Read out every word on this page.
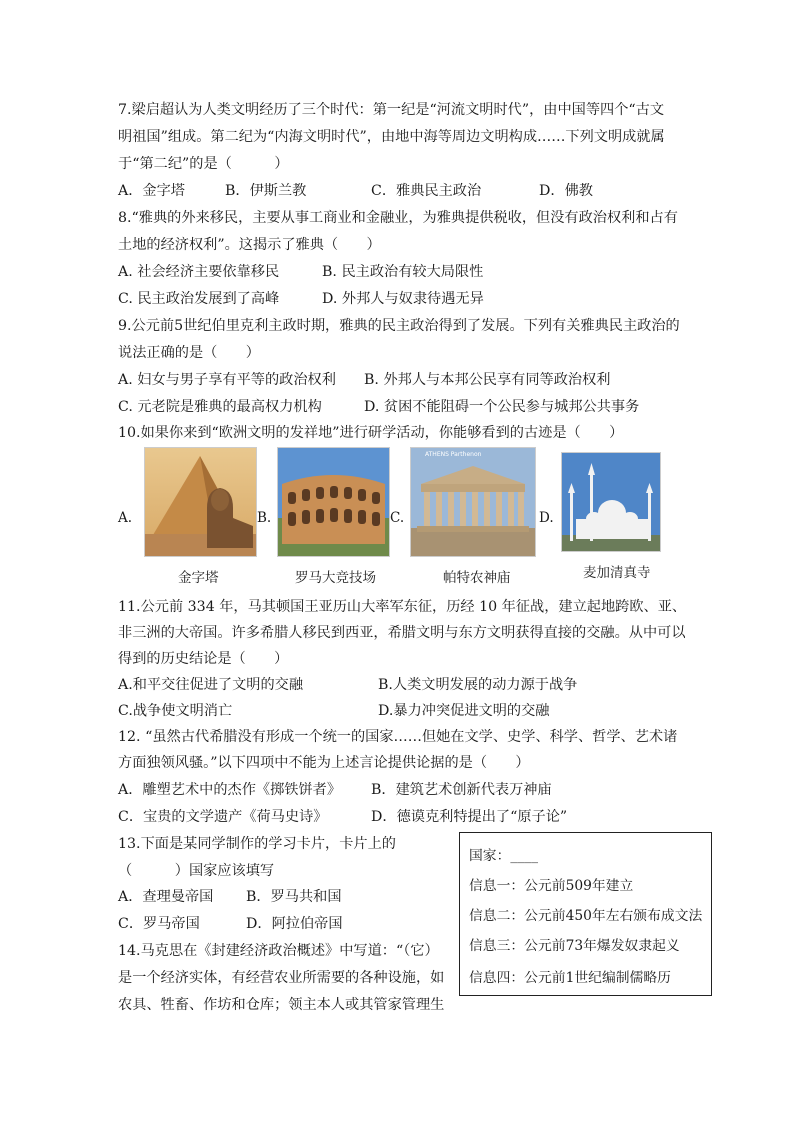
7.梁启超认为人类文明经历了三个时代：第一纪是“河流文明时代”，由中国等四个“古文
明祖国”组成。第二纪为“内海文明时代”，由地中海等周边文明构成……下列文明成就属
于“第二纪”的是（　　　）
A．金字塔	B．伊斯兰教	C．雅典民主政治	D．佛教
8.“雅典的外来移民，主要从事工商业和金融业，为雅典提供税收，但没有政治权利和占有
土地的经济权利”。这揭示了雅典（　　）
A. 社会经济主要依靠移民	B. 民主政治有较大局限性
C. 民主政治发展到了高峰	D. 外邦人与奴隶待遇无异
9.公元前5世纪伯里克利主政时期，雅典的民主政治得到了发展。下列有关雅典民主政治的
说法正确的是（　　）
A. 妇女与男子享有平等的政治权利 B. 外邦人与本邦公民享有同等政治权利
C. 元老院是雅典的最高权力机构	D. 贫困不能阻碍一个公民参与城邦公共事务
10.如果你来到“欧洲文明的发祥地”进行研学活动，你能够看到的古迹是（　　）
A.
金字塔
B.
罗马大竞技场
C.
ATHENS Parthenon
帕特农神庙
D.
麦加清真寺
11.公元前 334 年，马其顿国王亚历山大率军东征，历经 10 年征战，建立起地跨欧、亚、
非三洲的大帝国。许多希腊人移民到西亚，希腊文明与东方文明获得直接的交融。从中可以
得到的历史结论是（　　）
A.和平交往促进了文明的交融	B.人类文明发展的动力源于战争
C.战争使文明消亡	D.暴力冲突促进文明的交融
12. “虽然古代希腊没有形成一个统一的国家……但她在文学、史学、科学、哲学、艺术诸
方面独领风骚。”以下四项中不能为上述言论提供论据的是（　　）
A．雕塑艺术中的杰作《掷铁饼者》 B．建筑艺术创新代表万神庙
C．宝贵的文学遗产《荷马史诗》	D．德谟克利特提出了“原子论”
13.下面是某同学制作的学习卡片，卡片上的
（　　　）国家应该填写
A．查理曼帝国 B．罗马共和国
C．罗马帝国	D．阿拉伯帝国
国家：____
信息一：公元前509年建立
信息二：公元前450年左右颁布成文法
信息三：公元前73年爆发奴隶起义
信息四：公元前1世纪编制儒略历
14.马克思在《封建经济政治概述》中写道：“（它）
是一个经济实体，有经营农业所需要的各种设施，如
农具、牲畜、作坊和仓库；领主本人或其管家管理生
